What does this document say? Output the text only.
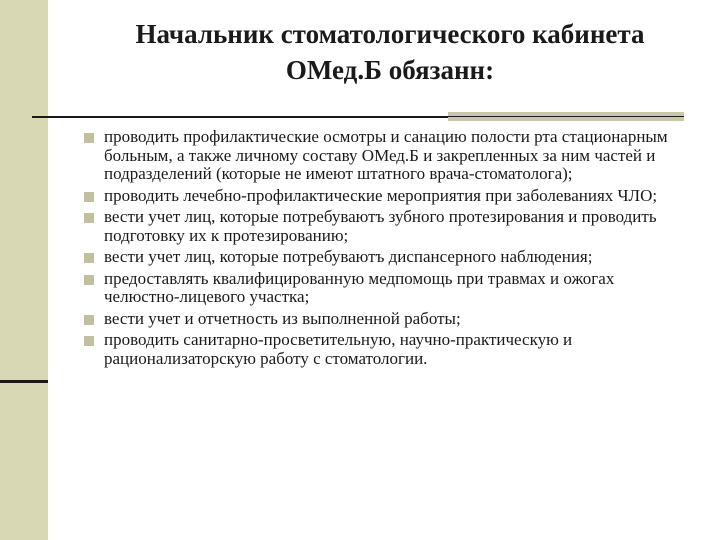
Начальник стоматологического кабинета
ОМед.Б обязанн:
проводить профилактические осмотры и санацию полости рта стационарным больным, а также личному составу ОМед.Б и закрепленных за ним частей и подразделений (которые не имеют штатного врача-стоматолога);
проводить лечебно-профилактические мероприятия при заболеваниях ЧЛО;
вести учет лиц, которые потребуваютъ зубного протезирования и проводить подготовку их к протезированию;
вести учет лиц, которые потребуваютъ диспансерного наблюдения;
предоставлять квалифицированную медпомощь при травмах и ожогах челюстно-лицевого участка;
вести учет и отчетность из выполненной работы;
проводить санитарно-просветительную, научно-практическую и рационализаторскую работу с стоматологии.
